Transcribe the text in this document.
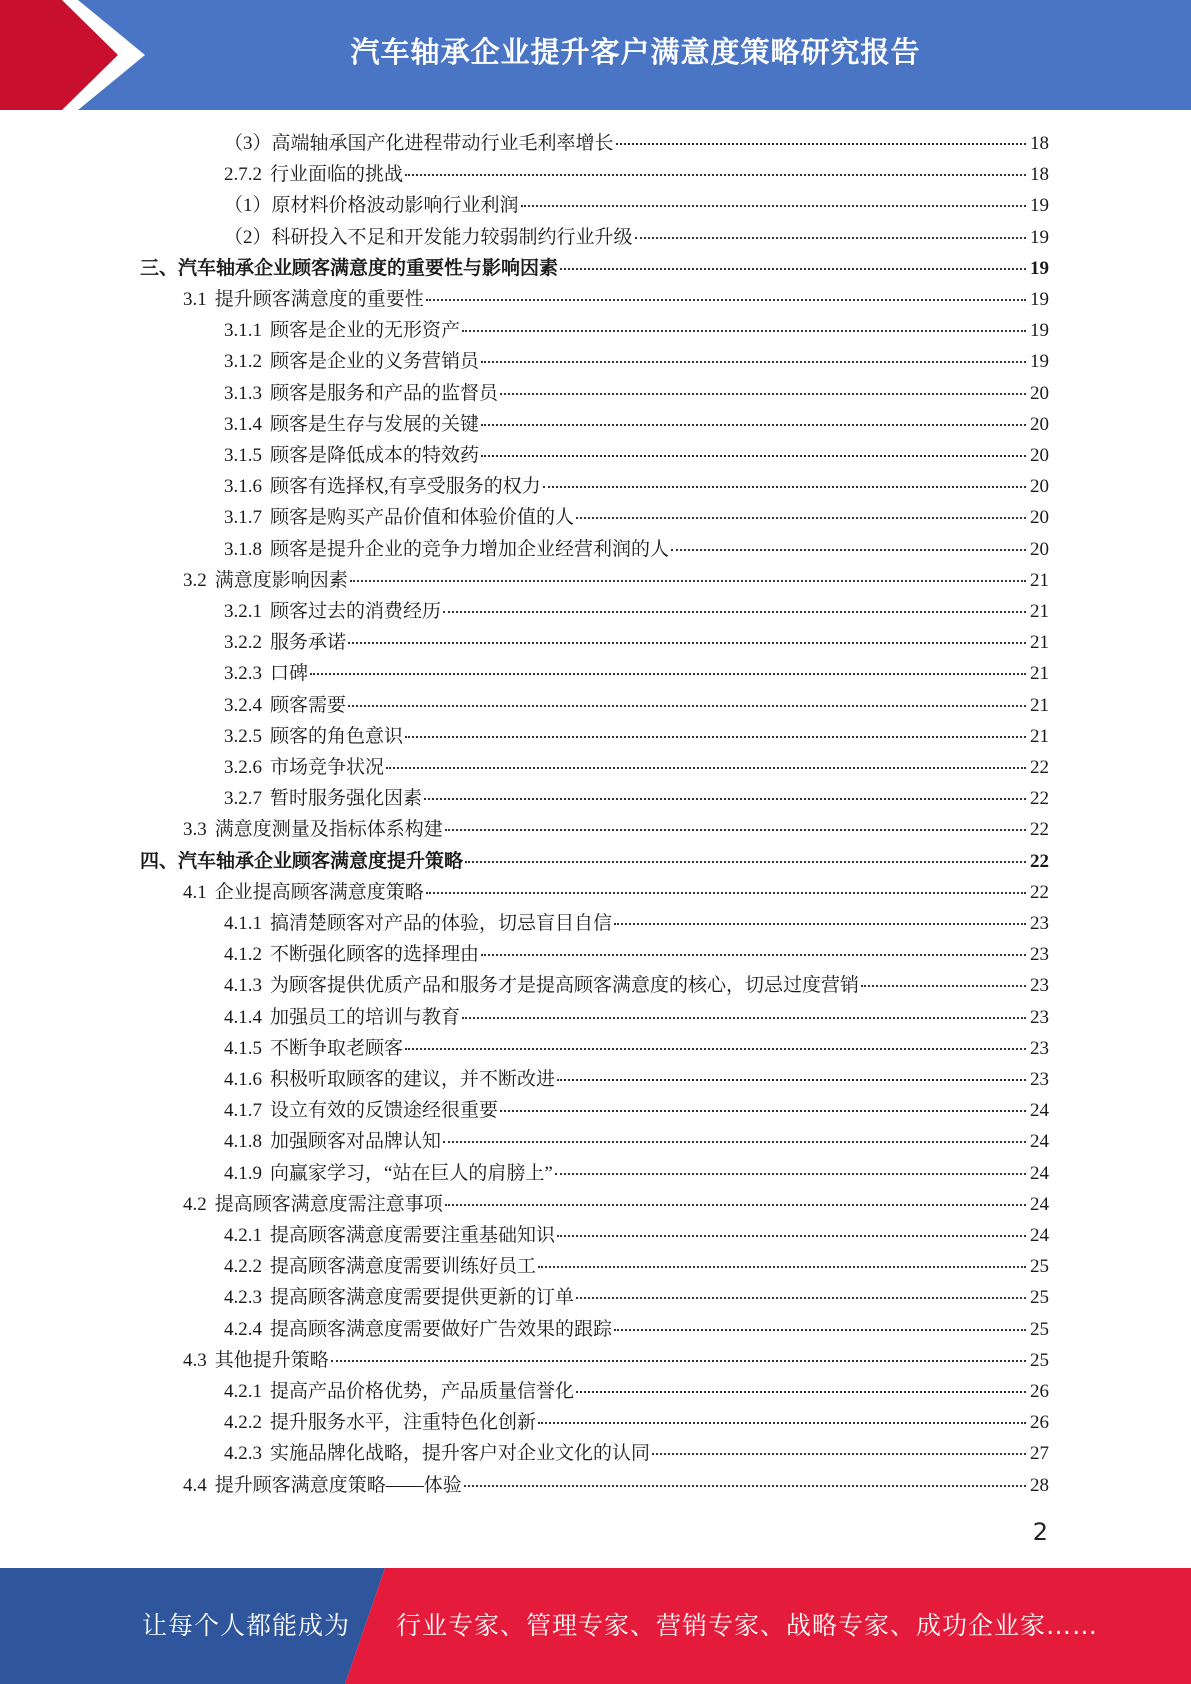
汽车轴承企业提升客户满意度策略研究报告
（3）高端轴承国产化进程带动行业毛利率增长	18
2.7.2 行业面临的挑战	18
（1）原材料价格波动影响行业利润	19
（2）科研投入不足和开发能力较弱制约行业升级	19
三、汽车轴承企业顾客满意度的重要性与影响因素	19
3.1 提升顾客满意度的重要性	19
3.1.1 顾客是企业的无形资产	19
3.1.2 顾客是企业的义务营销员	19
3.1.3 顾客是服务和产品的监督员	20
3.1.4 顾客是生存与发展的关键	20
3.1.5 顾客是降低成本的特效药	20
3.1.6 顾客有选择权,有享受服务的权力	20
3.1.7 顾客是购买产品价值和体验价值的人	20
3.1.8 顾客是提升企业的竞争力增加企业经营利润的人	20
3.2 满意度影响因素	21
3.2.1 顾客过去的消费经历	21
3.2.2 服务承诺	21
3.2.3 口碑	21
3.2.4 顾客需要	21
3.2.5 顾客的角色意识	21
3.2.6 市场竞争状况	22
3.2.7 暂时服务强化因素	22
3.3 满意度测量及指标体系构建	22
四、汽车轴承企业顾客满意度提升策略	22
4.1 企业提高顾客满意度策略	22
4.1.1 搞清楚顾客对产品的体验，切忌盲目自信	23
4.1.2 不断强化顾客的选择理由	23
4.1.3 为顾客提供优质产品和服务才是提高顾客满意度的核心，切忌过度营销	23
4.1.4 加强员工的培训与教育	23
4.1.5 不断争取老顾客	23
4.1.6 积极听取顾客的建议，并不断改进	23
4.1.7 设立有效的反馈途经很重要	24
4.1.8 加强顾客对品牌认知	24
4.1.9 向赢家学习，“站在巨人的肩膀上”	24
4.2 提高顾客满意度需注意事项	24
4.2.1 提高顾客满意度需要注重基础知识	24
4.2.2 提高顾客满意度需要训练好员工	25
4.2.3 提高顾客满意度需要提供更新的订单	25
4.2.4 提高顾客满意度需要做好广告效果的跟踪	25
4.3 其他提升策略	25
4.2.1 提高产品价格优势，产品质量信誉化	26
4.2.2 提升服务水平，注重特色化创新	26
4.2.3 实施品牌化战略，提升客户对企业文化的认同	27
4.4 提升顾客满意度策略——体验	28
2
让每个人都能成为 行业专家、管理专家、营销专家、战略专家、成功企业家……
